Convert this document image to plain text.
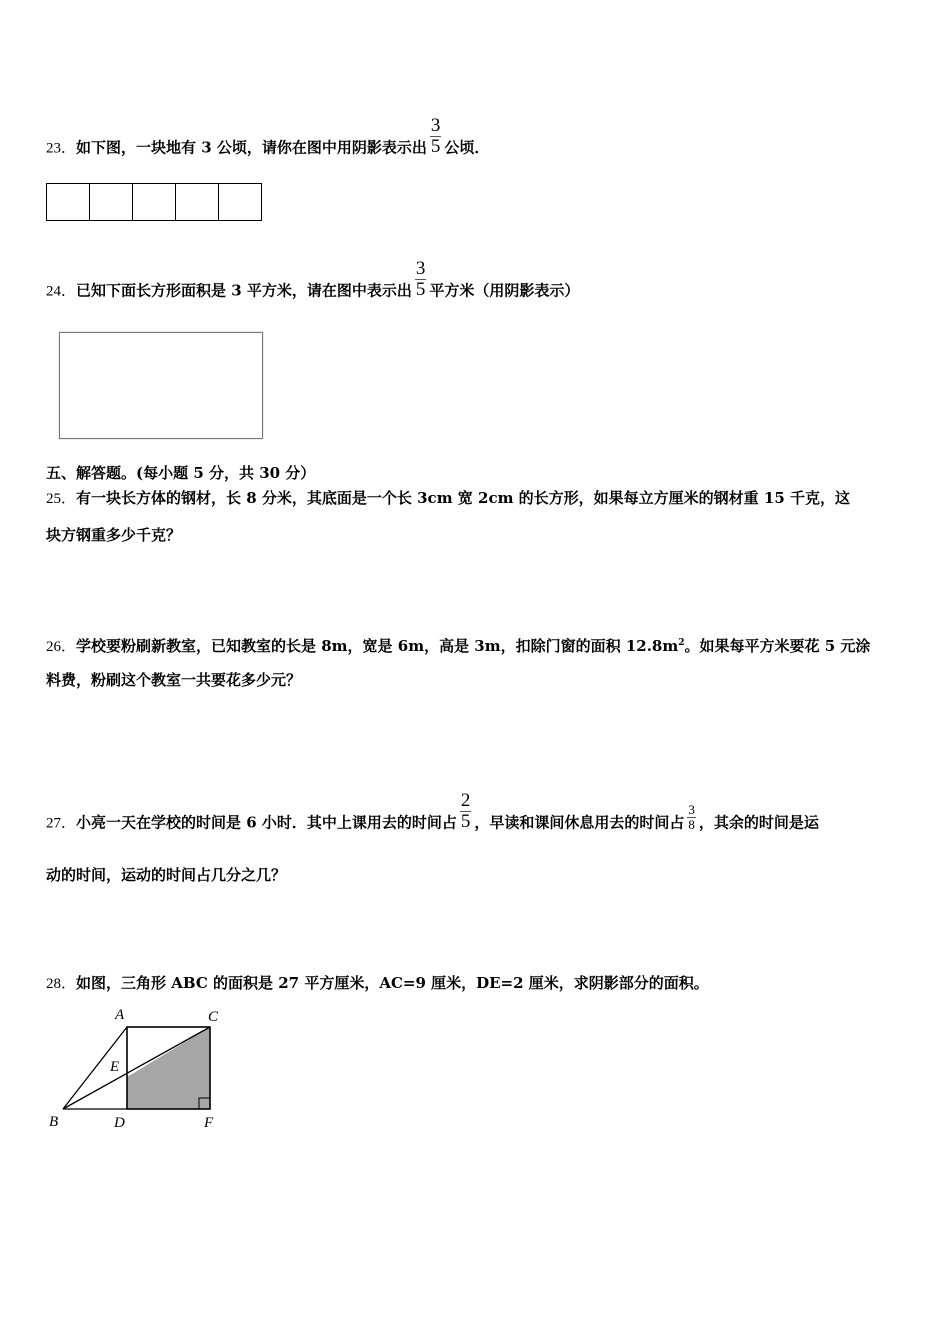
23．如下图，一块地有 3 公顷，请你在图中用阴影表示出 $\frac{3}{5}$ 公顷．
24．已知下面长方形面积是 3 平方米，请在图中表示出 $\frac{3}{5}$ 平方米（用阴影表示）
五、解答题。(每小题 5 分，共 30 分）
25．有一块长方体的钢材，长 8 分米，其底面是一个长 3cm 宽 2cm 的长方形，如果每立方厘米的钢材重 15 千克，这
块方钢重多少千克？
26．学校要粉刷新教室，已知教室的长是 8m，宽是 6m，高是 3m，扣除门窗的面积 $12.8m^2$。如果每平方米要花 5 元涂
料费，粉刷这个教室一共要花多少元？
27．小亮一天在学校的时间是 6 小时．其中上课用去的时间占 $\frac{2}{5}$ ，早读和课间休息用去的时间占 $\frac{3}{8}$ ，其余的时间是运
动的时间，运动的时间占几分之几？
28．如图，三角形 ABC 的面积是 27 平方厘米，AC=9 厘米，DE=2 厘米，求阴影部分的面积。
A	C
E
B	D	F
